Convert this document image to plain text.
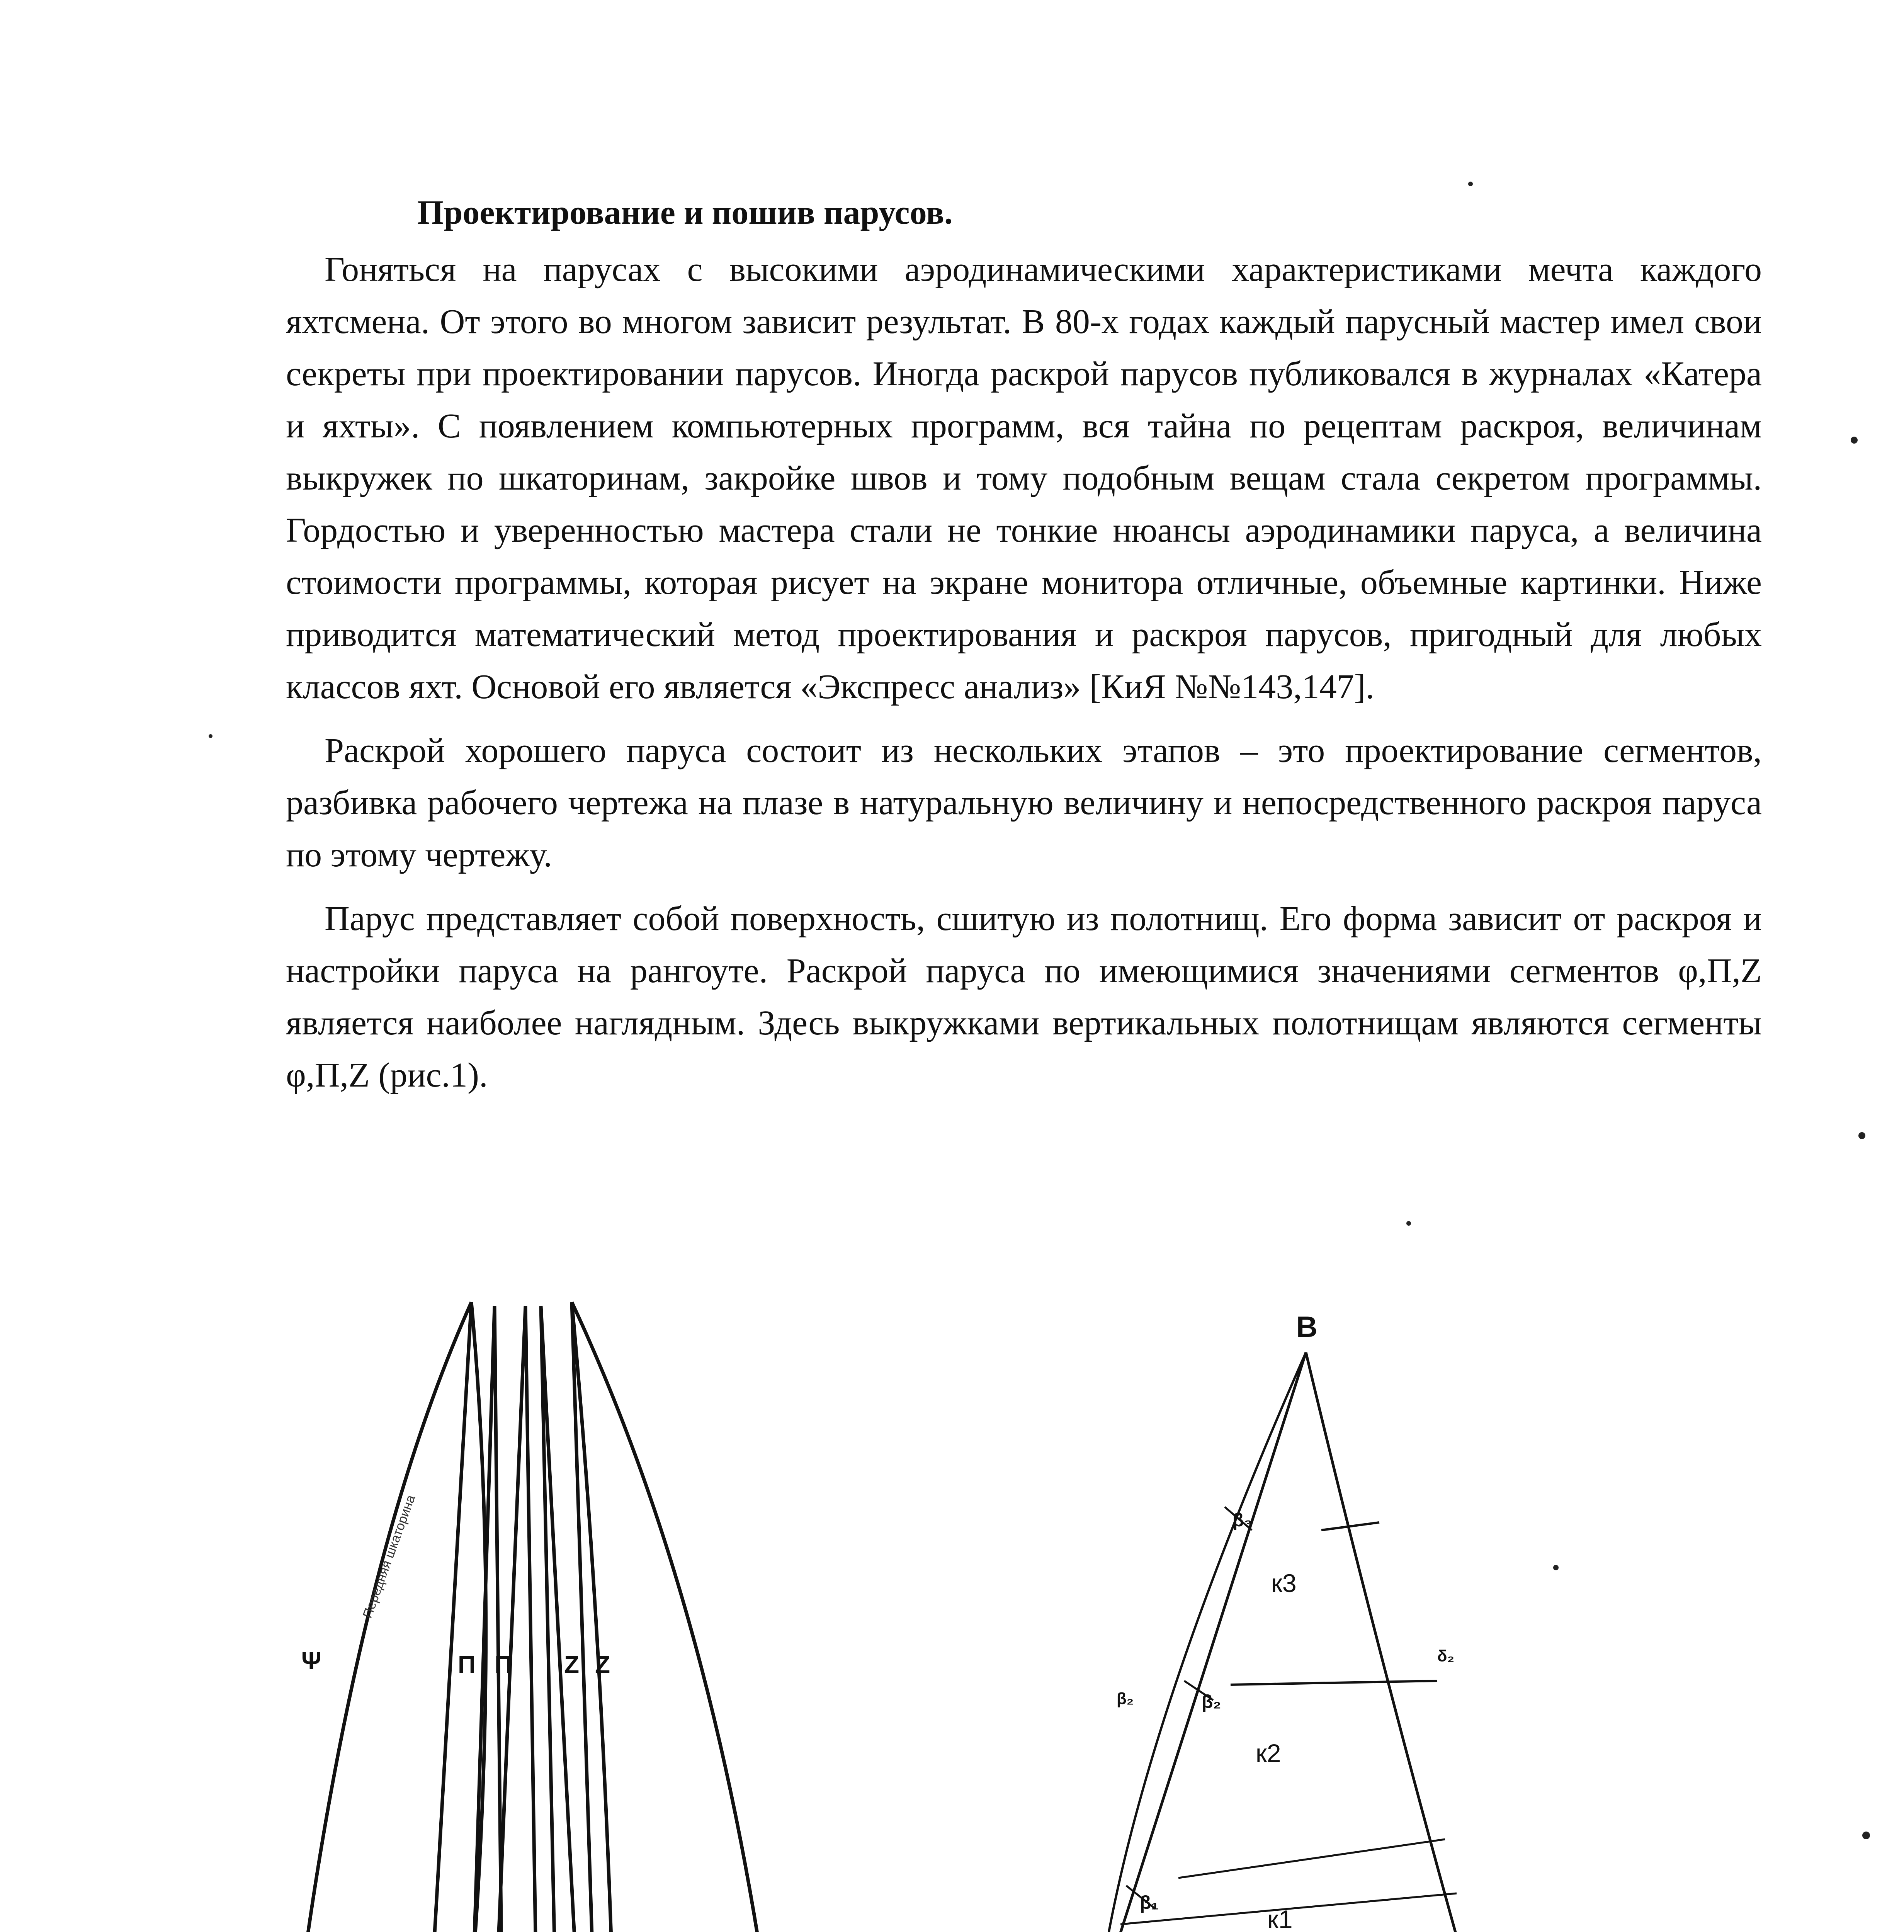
Проектирование и пошив парусов.

Гоняться на парусах с высокими аэродинамическими характеристиками мечта каждого яхтсмена. От этого во многом зависит результат. В 80-х годах каждый парусный мастер имел свои секреты при проектировании парусов. Иногда раскрой парусов публиковался в журналах «Катера и яхты». С появлением компьютерных программ, вся тайна по рецептам раскроя, величинам выкружек по шкаторинам, закройке швов и тому подобным вещам стала секретом программы. Гордостью и уверенностью мастера стали не тонкие нюансы аэродинамики паруса, а величина стоимости программы, которая рисует на экране монитора отличные, объемные картинки. Ниже приводится математический метод проектирования и раскроя парусов, пригодный для любых классов яхт. Основой его является «Экспресс анализ» [КиЯ №№143,147].

Раскрой хорошего паруса состоит из нескольких этапов – это проектирование сегментов, разбивка рабочего чертежа на плазе в натуральную величину и непосредственного раскроя паруса по этому чертежу.

Парус представляет собой поверхность, сшитую из полотнищ. Его форма зависит от раскроя и настройки паруса на рангоуте. Раскрой паруса по имеющимися значениями сегментов φ,П,Z является наиболее наглядным. Здесь выкружками вертикальных полотнищам являются сегменты φ,П,Z (рис.1).

Ψ	П П Z Z
Передняя шкаторина
В
к3
к2
к1
β₃
β₂
β₁
β₂
δ₂
